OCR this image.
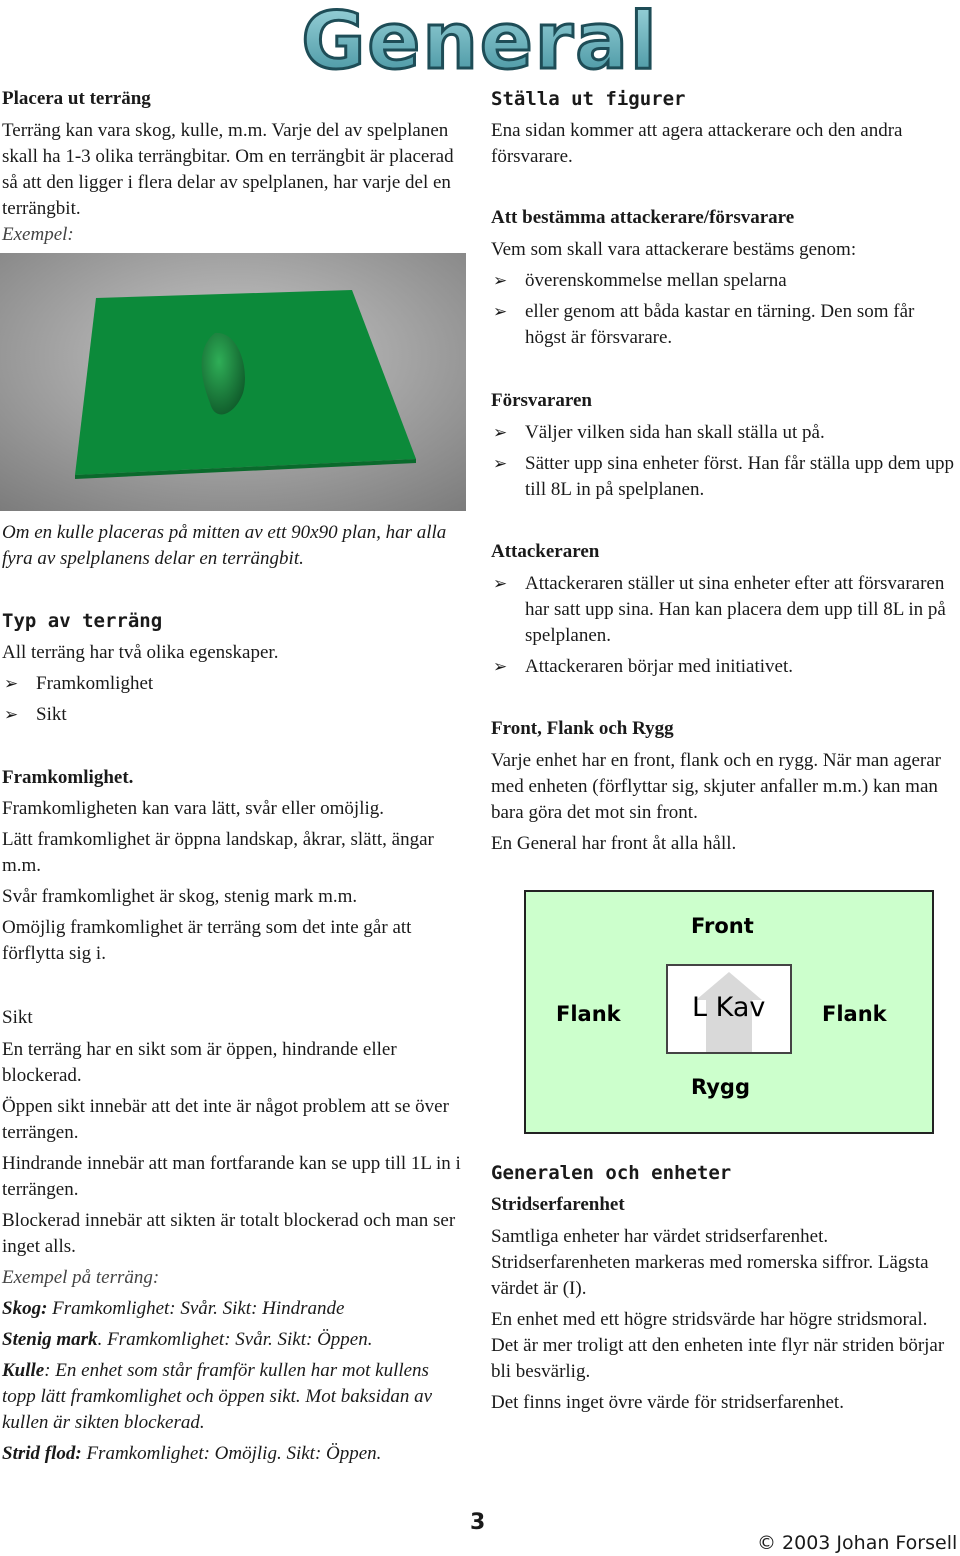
General

Placera ut terräng

Terräng kan vara skog, kulle, m.m. Varje del av spelplanen skall ha 1-3 olika terrängbitar. Om en terrängbit är placerad så att den ligger i flera delar av spelplanen, har varje del en terrängbit.

Exempel:

Om en kulle placeras på mitten av ett 90x90 plan, har alla fyra av spelplanens delar en terrängbit.

Typ av terräng

All terräng har två olika egenskaper.

➢ Framkomlighet
➢ Sikt

Framkomlighet.

Framkomligheten kan vara lätt, svår eller omöjlig.

Lätt framkomlighet är öppna landskap, åkrar, slätt, ängar m.m.

Svår framkomlighet är skog, stenig mark m.m.

Omöjlig framkomlighet är terräng som det inte går att förflytta sig i.

Sikt

En terräng har en sikt som är öppen, hindrande eller blockerad.

Öppen sikt innebär att det inte är något problem att se över terrängen.

Hindrande innebär att man fortfarande kan se upp till 1L in i terrängen.

Blockerad innebär att sikten är totalt blockerad och man ser inget alls.

Exempel på terräng:

Skog: Framkomlighet: Svår. Sikt: Hindrande

Stenig mark. Framkomlighet: Svår. Sikt: Öppen.

Kulle: En enhet som står framför kullen har mot kullens topp lätt framkomlighet och öppen sikt. Mot baksidan av kullen är sikten blockerad.

Strid flod: Framkomlighet: Omöjlig. Sikt: Öppen.

Ställa ut figurer

Ena sidan kommer att agera attackerare och den andra försvarare.

Att bestämma attackerare/försvarare

Vem som skall vara attackerare bestäms genom:

➢ överenskommelse mellan spelarna
➢ eller genom att båda kastar en tärning. Den som får högst är försvarare.

Försvararen

➢ Väljer vilken sida han skall ställa ut på.
➢ Sätter upp sina enheter först. Han får ställa upp dem upp till 8L in på spelplanen.

Attackeraren

➢ Attackeraren ställer ut sina enheter efter att försvararen har satt upp sina. Han kan placera dem upp till 8L in på spelplanen.
➢ Attackeraren börjar med initiativet.

Front, Flank och Rygg

Varje enhet har en front, flank och en rygg. När man agerar med enheten (förflyttar sig, skjuter anfaller m.m.) kan man bara göra det mot sin front.

En General har front åt alla håll.

Front
Flank	Flank
Rygg
L Kav

Generalen och enheter

Stridserfarenhet

Samtliga enheter har värdet stridserfarenhet. Stridserfarenheten markeras med romerska siffror. Lägsta värdet är (I).

En enhet med ett högre stridsvärde har högre stridsmoral. Det är mer troligt att den enheten inte flyr när striden börjar bli besvärlig.

Det finns inget övre värde för stridserfarenhet.

3
© 2003 Johan Forsell
